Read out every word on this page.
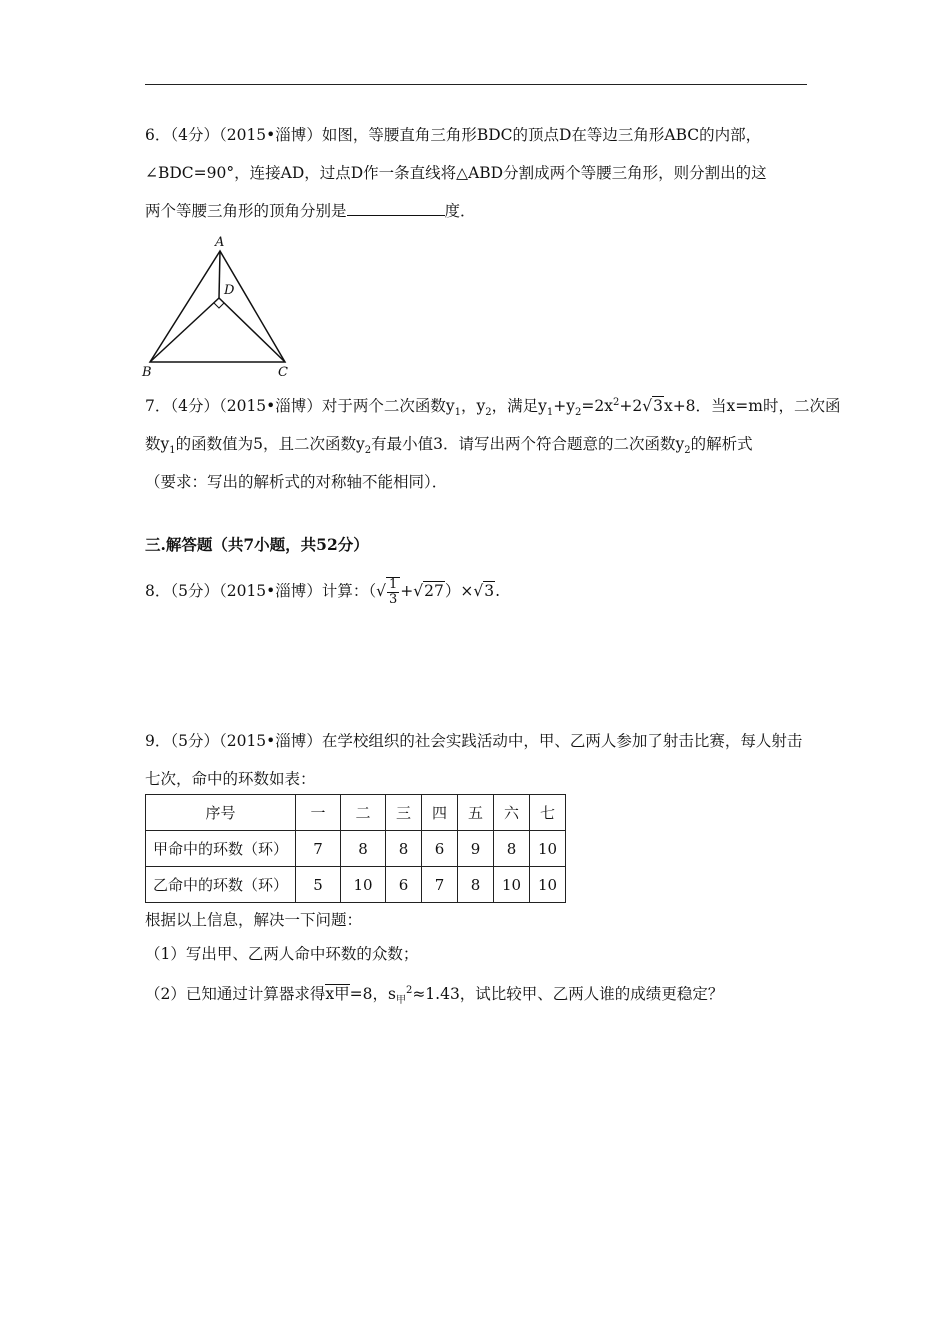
6．（4分）（2015•淄博）如图，等腰直角三角形BDC的顶点D在等边三角形ABC的内部，
∠BDC=90°，连接AD，过点D作一条直线将△ABD分割成两个等腰三角形，则分割出的这
两个等腰三角形的顶角分别是	度．
A
D
B	C
7．（4分）（2015•淄博）对于两个二次函数$y_1$，$y_2$，满足$y_1+y_2=2x^2+2√3x+8$．当x=m时，二次函
数$y_1$的函数值为5，且二次函数$y_2$有最小值3．请写出两个符合题意的二次函数$y_2$的解析式
（要求：写出的解析式的对称轴不能相同）．
三.解答题（共7小题，共52分）
8．（5分）（2015•淄博）计算：（√ $\frac{1}{3} +√27)\times√3$.
9．（5分）（2015•淄博）在学校组织的社会实践活动中，甲、乙两人参加了射击比赛，每人射击
七次，命中的环数如表：
序号	一	二	三	四	五	六	七
甲命中的环数（环）	7	8	8	6	9	8	10
乙命中的环数（环）	5	10	6	7	8	10	10
根据以上信息，解决一下问题：
（1）写出甲、乙两人命中环数的众数；
（2）已知通过计算器求得x甲=8，$s_甲^2\approx 1.43$，试比较甲、乙两人谁的成绩更稳定？
